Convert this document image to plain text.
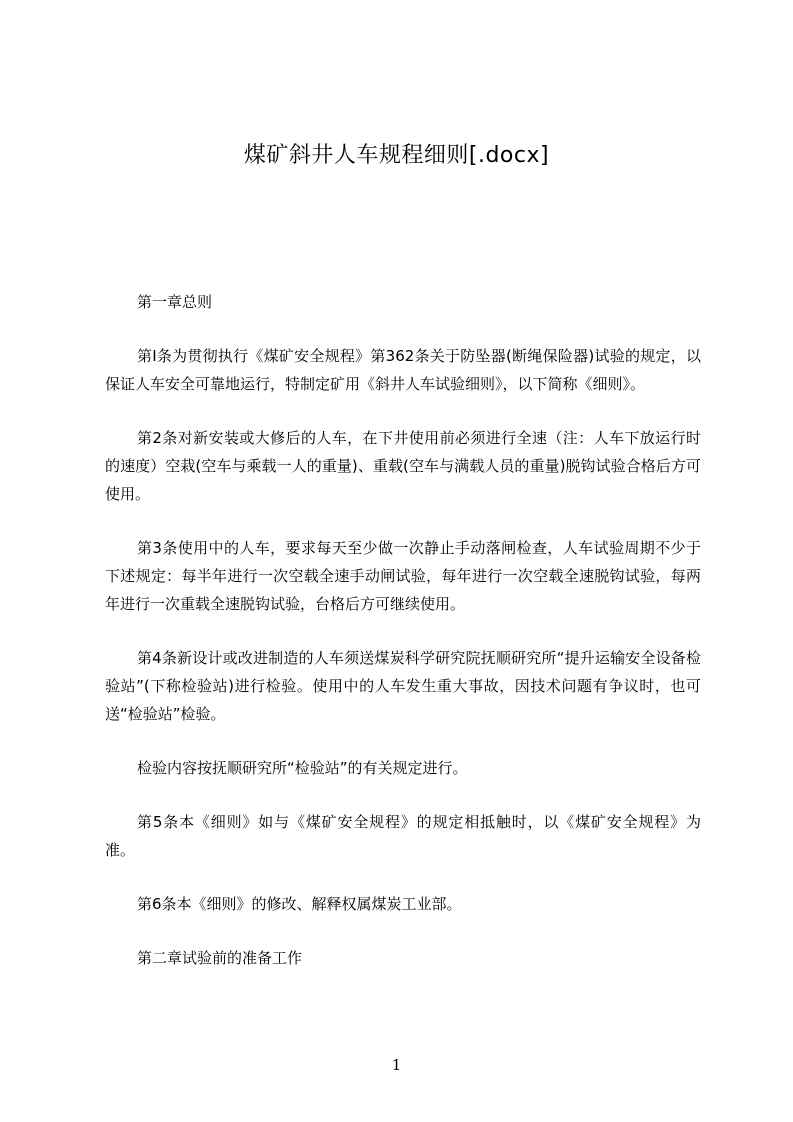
煤矿斜井人车规程细则[.docx]

第一章总则

第Ⅰ条为贯彻执行《煤矿安全规程》第362条关于防坠器(断绳保险器)试验的规定，以保证人车安全可靠地运行，特制定矿用《斜井人车试验细则》，以下简称《细则》。

第2条对新安装或大修后的人车，在下井使用前必须进行全速（注：人车下放运行时的速度）空栽(空车与乘载一人的重量)、重载(空车与满载人员的重量)脱钩试验合格后方可使用。

第3条使用中的人车，要求每天至少做一次静止手动落闸检查，人车试验周期不少于下述规定：每半年进行一次空载全速手动闸试验，每年进行一次空载全速脱钩试验，每两年进行一次重载全速脱钩试验，台格后方可继续使用。

第4条新设计或改进制造的人车须送煤炭科学研究院抚顺研究所“提升运输安全设备检验站”(下称检验站)进行检验。使用中的人车发生重大事故，因技术问题有争议时，也可送“检验站”检验。

检验内容按抚顺研究所“检验站”的有关规定进行。

第5条本《细则》如与《煤矿安全规程》的规定相抵触时，以《煤矿安全规程》为准。

第6条本《细则》的修改、解释权属煤炭工业部。

第二章试验前的准备工作

1
